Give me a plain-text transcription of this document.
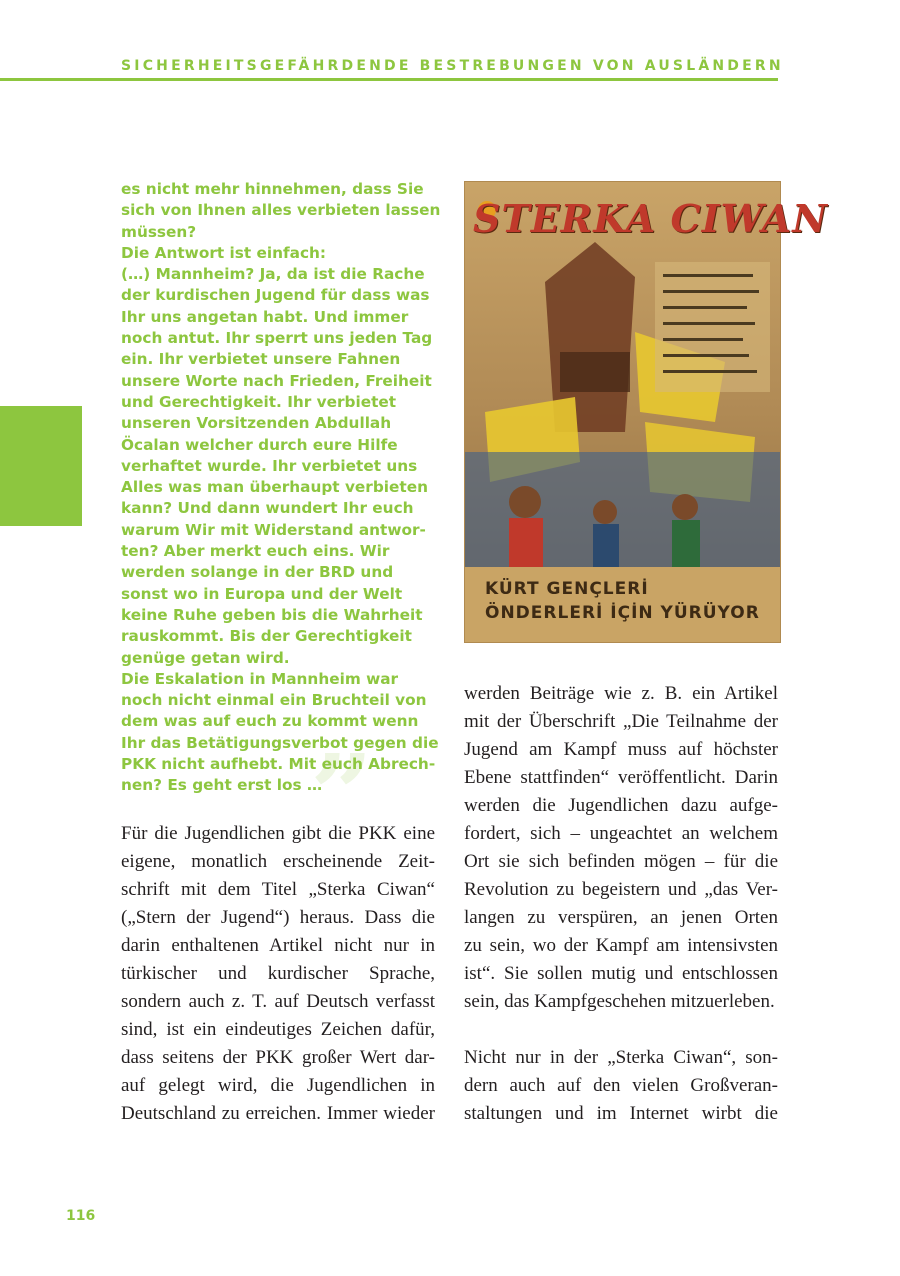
SICHERHEITSGEFÄHRDENDE BESTREBUNGEN VON AUSLÄNDERN
”
es nicht mehr hinnehmen, dass Sie
sich von Ihnen alles verbieten lassen
müssen?
Die Antwort ist einfach:
(…) Mannheim? Ja, da ist die Rache
der kurdischen Jugend für dass was
Ihr uns angetan habt. Und immer
noch antut. Ihr sperrt uns jeden Tag
ein. Ihr verbietet unsere Fahnen
unsere Worte nach Frieden, Freiheit
und Gerechtigkeit. Ihr verbietet
unseren Vorsitzenden Abdullah
Öcalan welcher durch eure Hilfe
verhaftet wurde. Ihr verbietet uns
Alles was man überhaupt verbieten
kann? Und dann wundert Ihr euch
warum Wir mit Widerstand antwor-
ten? Aber merkt euch eins. Wir
werden solange in der BRD und
sonst wo in Europa und der Welt
keine Ruhe geben bis die Wahrheit
rauskommt. Bis der Gerechtigkeit
genüge getan wird.
Die Eskalation in Mannheim war
noch nicht einmal ein Bruchteil von
dem was auf euch zu kommt wenn
Ihr das Betätigungsverbot gegen die
PKK nicht aufhebt. Mit euch Abrech-
nen? Es geht erst los …
STERKA CIWAN
KÜRT GENÇLERİ
ÖNDERLERİ İÇİN YÜRÜYOR
Für die Jugendlichen gibt die PKK eine
eigene, monatlich erscheinende Zeit-
schrift mit dem Titel „Sterka Ciwan“
(„Stern der Jugend“) heraus. Dass die
darin enthaltenen Artikel nicht nur in
türkischer und kurdischer Sprache,
sondern auch z. T. auf Deutsch verfasst
sind, ist ein eindeutiges Zeichen dafür,
dass seitens der PKK großer Wert dar-
auf gelegt wird, die Jugendlichen in
Deutschland zu erreichen. Immer wieder
werden Beiträge wie z. B. ein Artikel
mit der Überschrift „Die Teilnahme der
Jugend am Kampf muss auf höchster
Ebene stattfinden“ veröffentlicht. Darin
werden die Jugendlichen dazu aufge-
fordert, sich – ungeachtet an welchem
Ort sie sich befinden mögen – für die
Revolution zu begeistern und „das Ver-
langen zu verspüren, an jenen Orten
zu sein, wo der Kampf am intensivsten
ist“. Sie sollen mutig und entschlossen
sein, das Kampfgeschehen mitzuerleben.
Nicht nur in der „Sterka Ciwan“, son-
dern auch auf den vielen Großveran-
staltungen und im Internet wirbt die
116
